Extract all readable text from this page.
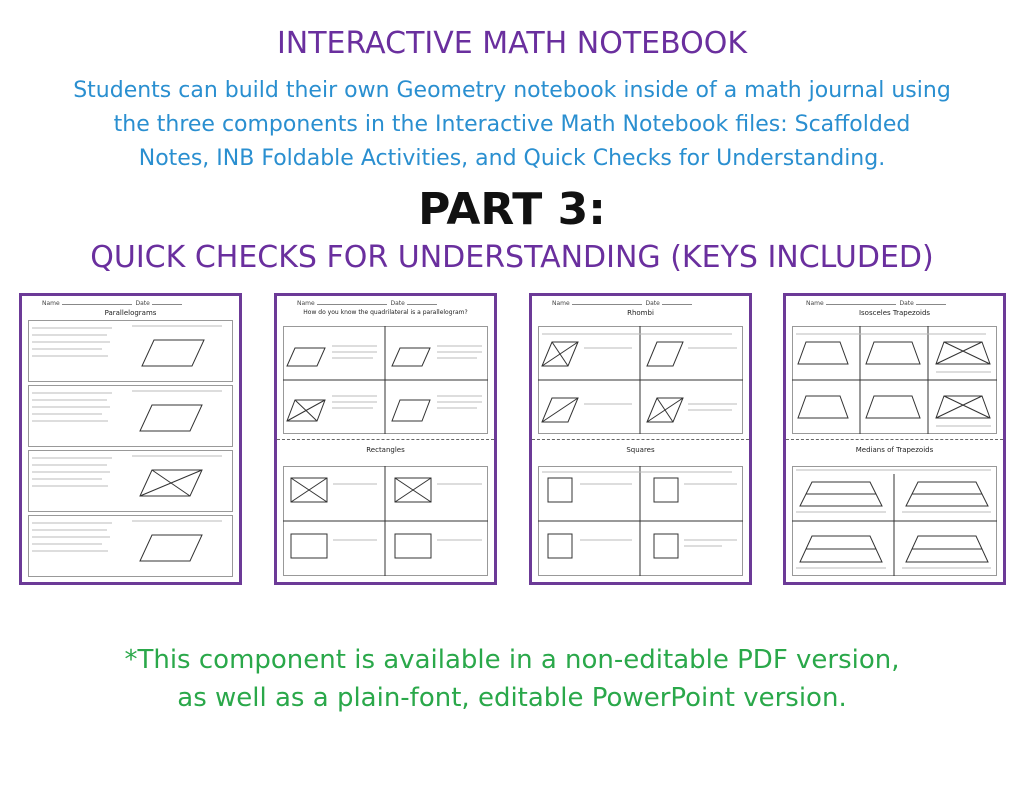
INTERACTIVE MATH NOTEBOOK
Students can build their own Geometry notebook inside of a math journal using
the three components in the Interactive Math Notebook files: Scaffolded
Notes, INB Foldable Activities, and Quick Checks for Understanding.
PART 3:
QUICK CHECKS FOR UNDERSTANDING (KEYS INCLUDED)
Name	Date
Parallelograms
Name	Date
How do you know the quadrilateral is a parallelogram?
Rectangles
Name	Date
Rhombi
Squares
Name	Date
Isosceles Trapezoids
Medians of Trapezoids
*This component is available in a non-editable PDF version,
as well as a plain-font, editable PowerPoint version.
